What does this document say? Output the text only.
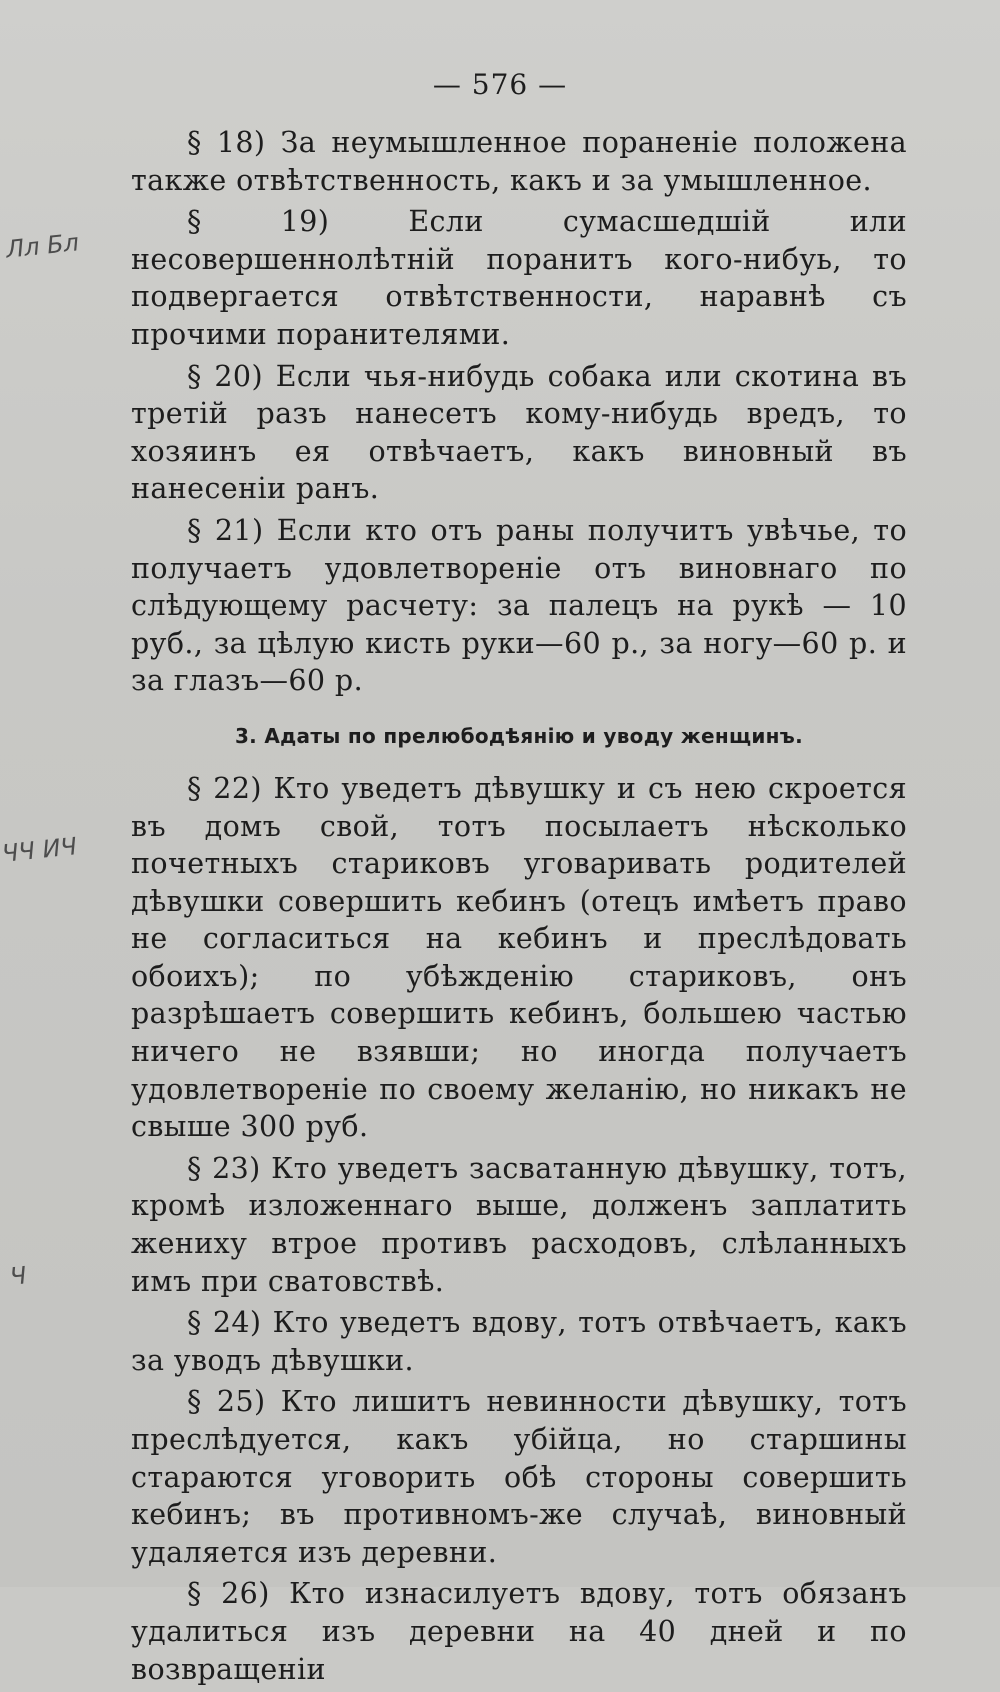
— 576 —
Лл Бл
ЧЧ ИЧ
Ч

§ 18) За неумышленное пораненіе положена также отвѣтственность, какъ и за умышленное.

§ 19) Если сумасшедшій или несовершеннолѣтній поранитъ кого-нибуь, то подвергается отвѣтственности, наравнѣ съ прочими поранителями.

§ 20) Если чья-нибудь собака или скотина въ третій разъ нанесетъ кому-нибудь вредъ, то хозяинъ ея отвѣчаетъ, какъ виновный въ нанесеніи ранъ.

§ 21) Если кто отъ раны получитъ увѣчье, то получаетъ удовлетвореніе отъ виновнаго по слѣдующему расчету: за палецъ на рукѣ — 10 руб., за цѣлую кисть руки—60 р., за ногу—60 р. и за глазъ—60 р.

3. Адаты по прелюбодѣянію и уводу женщинъ.

§ 22) Кто уведетъ дѣвушку и съ нею скроется въ домъ свой, тотъ посылаетъ нѣсколько почетныхъ стариковъ уговаривать родителей дѣвушки совершить кебинъ (отецъ имѣетъ право не согласиться на кебинъ и преслѣдовать обоихъ); по убѣжденію стариковъ, онъ разрѣшаетъ совершить кебинъ, большею частью ничего не взявши; но иногда получаетъ удовлетвореніе по своему желанію, но никакъ не свыше 300 руб.

§ 23) Кто уведетъ засватанную дѣвушку, тотъ, кромѣ изложеннаго выше, долженъ заплатить жениху втрое противъ расходовъ, слѣланныхъ имъ при сватовствѣ.

§ 24) Кто уведетъ вдову, тотъ отвѣчаетъ, какъ за уводъ дѣвушки.

§ 25) Кто лишитъ невинности дѣвушку, тотъ преслѣдуется, какъ убійца, но старшины стараются уговорить обѣ стороны совершить кебинъ; въ противномъ-же случаѣ, виновный удаляется изъ деревни.

§ 26) Кто изнасилуетъ вдову, тотъ обязанъ удалиться изъ деревни на 40 дней и по возвращеніи
